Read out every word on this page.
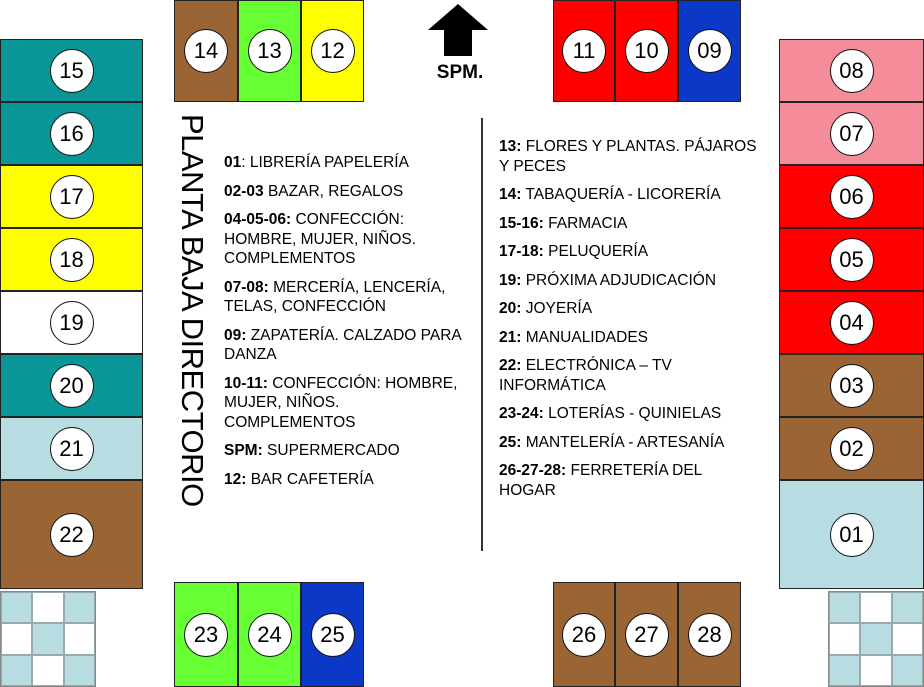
15
16
17
18
19
20
21
22
14	13	12
SPM.
11	10	09
08
07
06
05
04
03
02
01
23	24	25	26	27	28
PLANTA BAJA DIRECTORIO 01: LIBRERÍA PAPELERÍA
02-03 BAZAR, REGALOS
04-05-06: CONFECCIÓN: HOMBRE, MUJER, NIÑOS. COMPLEMENTOS
07-08: MERCERÍA, LENCERÍA, TELAS, CONFECCIÓN
09: ZAPATERÍA. CALZADO PARA DANZA
10-11: CONFECCIÓN: HOMBRE, MUJER, NIÑOS. COMPLEMENTOS
SPM: SUPERMERCADO
12: BAR CAFETERÍA
13: FLORES Y PLANTAS. PÁJAROS Y PECES
14: TABAQUERÍA - LICORERÍA
15-16: FARMACIA
17-18: PELUQUERÍA
19: PRÓXIMA ADJUDICACIÓN
20: JOYERÍA
21: MANUALIDADES
22: ELECTRÓNICA – TV INFORMÁTICA
23-24: LOTERÍAS - QUINIELAS
25: MANTELERÍA - ARTESANÍA
26-27-28: FERRETERÍA DEL HOGAR
